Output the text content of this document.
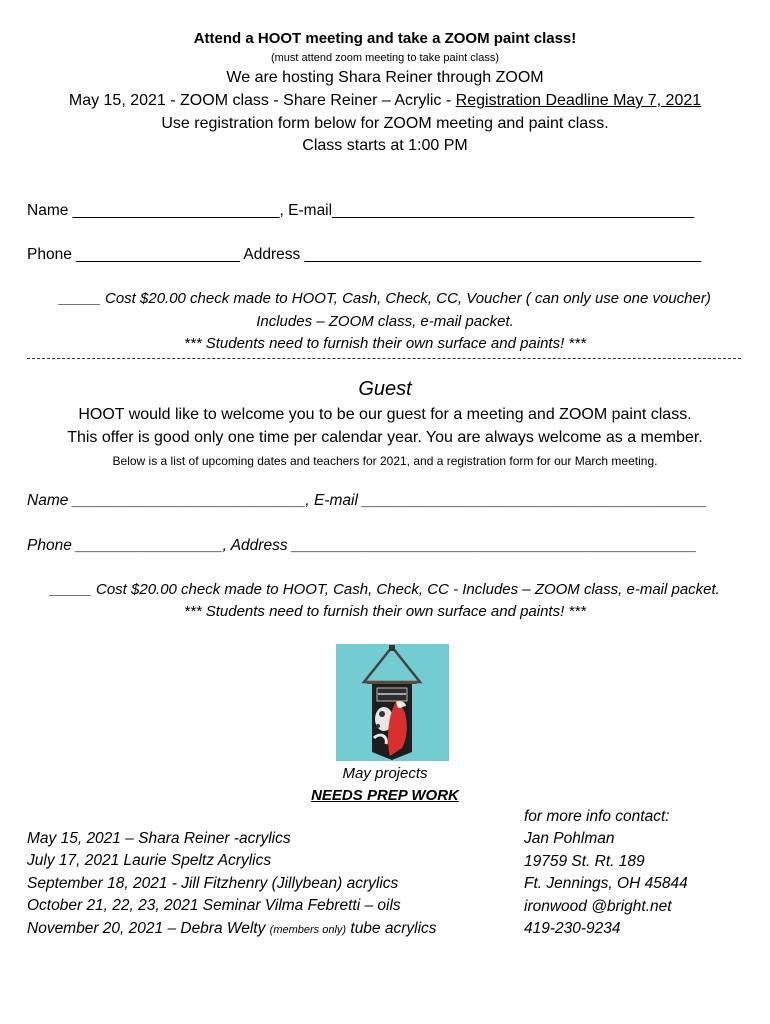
Attend a HOOT meeting and take a ZOOM paint class!
(must attend zoom meeting to take paint class)
We are hosting Shara Reiner through ZOOM
May 15, 2021 - ZOOM class - Share Reiner – Acrylic - Registration Deadline May 7, 2021
Use registration form below for ZOOM meeting and paint class.
Class starts at 1:00 PM
Name ________________________, E-mail__________________________________________
Phone ___________________ Address ______________________________________________
_____ Cost $20.00 check made to HOOT, Cash, Check, CC, Voucher ( can only use one voucher)
Includes – ZOOM class, e-mail packet.
*** Students need to furnish their own surface and paints! ***
Guest
HOOT would like to welcome you to be our guest for a meeting and ZOOM paint class.
This offer is good only one time per calendar year. You are always welcome as a member.
Below is a list of upcoming dates and teachers for 2021, and a registration form for our March meeting.
Name ___________________________, E-mail ________________________________________
Phone _________________, Address _______________________________________________
_____ Cost $20.00 check made to HOOT, Cash, Check, CC - Includes – ZOOM class, e-mail packet.
*** Students need to furnish their own surface and paints! ***
May projects
NEEDS PREP WORK
May 15, 2021 – Shara Reiner -acrylics
July 17, 2021 Laurie Speltz Acrylics
September 18, 2021 - Jill Fitzhenry (Jillybean) acrylics
October 21, 22, 23, 2021 Seminar Vilma Febretti – oils
November 20, 2021 – Debra Welty (members only) tube acrylics
for more info contact:
Jan Pohlman
19759 St. Rt. 189
Ft. Jennings, OH 45844
ironwood @bright.net
419-230-9234
